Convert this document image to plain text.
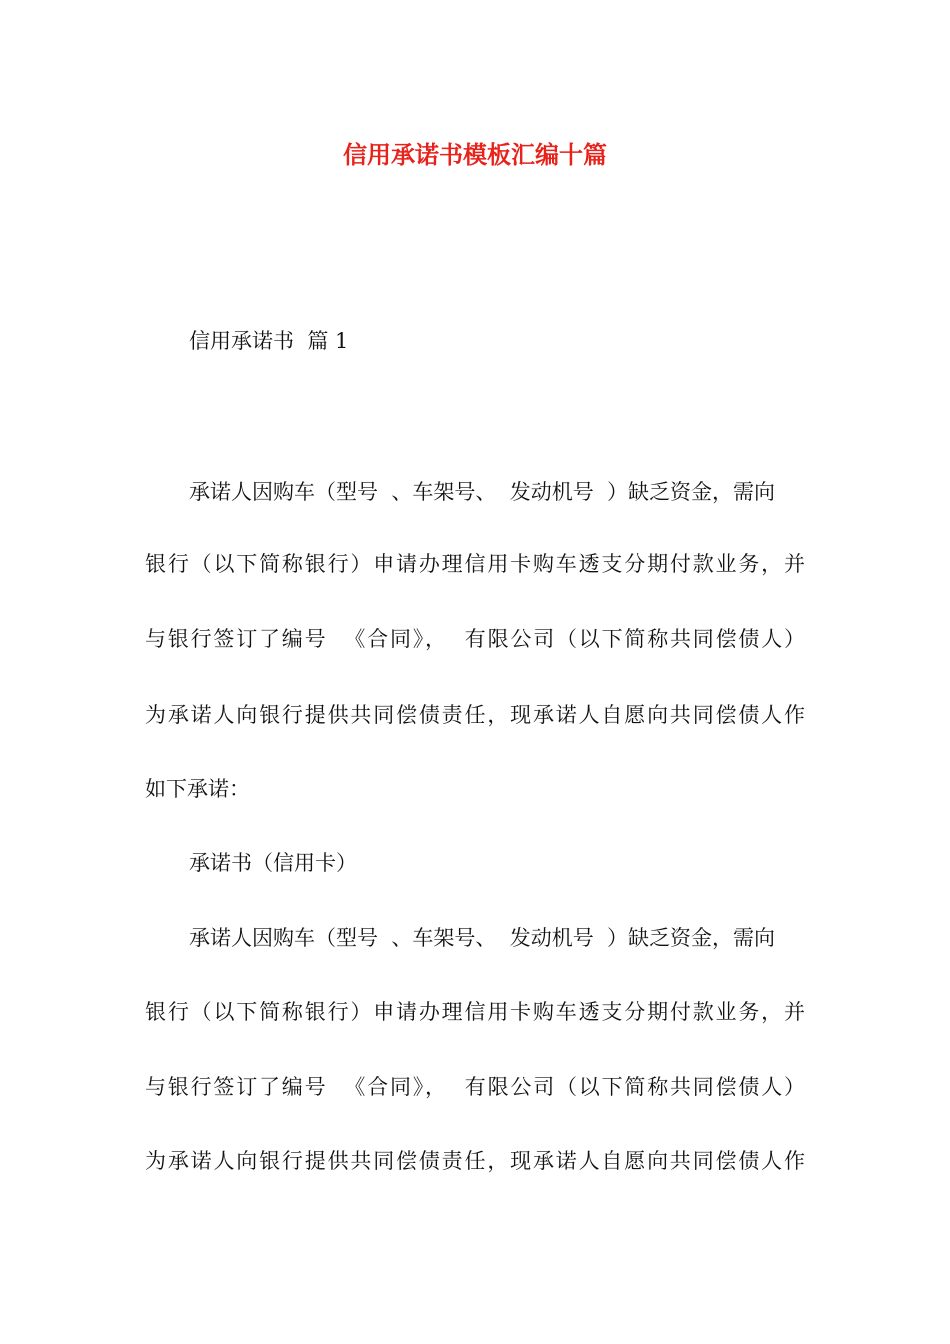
信用承诺书模板汇编十篇

信用承诺书  篇 1

承诺人因购车（型号  、车架号、  发动机号  ）缺乏资金，需向

银行（以下简称银行）申请办理信用卡购车透支分期付款业务，并

与银行签订了编号  《合同》，  有限公司（以下简称共同偿债人）

为承诺人向银行提供共同偿债责任，现承诺人自愿向共同偿债人作

如下承诺：

承诺书（信用卡）

承诺人因购车（型号  、车架号、  发动机号  ）缺乏资金，需向

银行（以下简称银行）申请办理信用卡购车透支分期付款业务，并

与银行签订了编号  《合同》，  有限公司（以下简称共同偿债人）

为承诺人向银行提供共同偿债责任，现承诺人自愿向共同偿债人作
